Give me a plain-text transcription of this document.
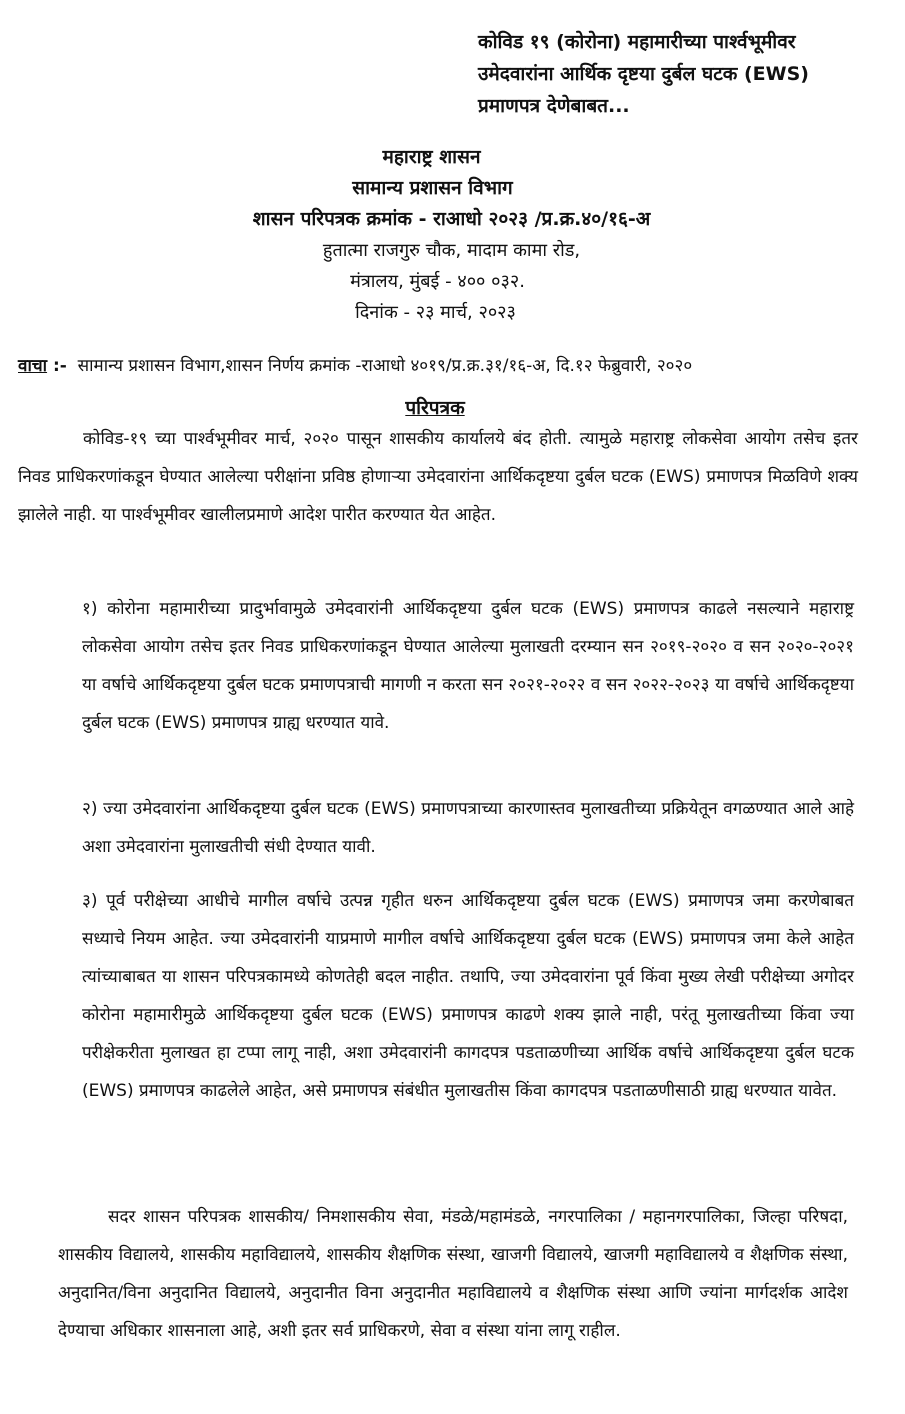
कोविड १९ (कोरोना) महामारीच्या पार्श्वभूमीवर
उमेदवारांना आर्थिक दृष्टया दुर्बल घटक (EWS)
प्रमाणपत्र देणेबाबत...
महाराष्ट्र शासन
सामान्य प्रशासन विभाग
शासन परिपत्रक क्रमांक - राआधो २०२३ /प्र.क्र.४०/१६-अ
हुतात्मा राजगुरु चौक, मादाम कामा रोड,
मंत्रालय, मुंबई - ४०० ०३२.
दिनांक - २३ मार्च, २०२३
वाचा :- सामान्य प्रशासन विभाग,शासन निर्णय क्रमांक -राआधो ४०१९/प्र.क्र.३१/१६-अ, दि.१२ फेब्रुवारी, २०२०
परिपत्रक
कोविड-१९ च्या पार्श्वभूमीवर मार्च, २०२० पासून शासकीय कार्यालये बंद होती. त्यामुळे महाराष्ट्र लोकसेवा आयोग तसेच इतर निवड प्राधिकरणांकडून घेण्यात आलेल्या परीक्षांना प्रविष्ठ होणाऱ्या उमेदवारांना आर्थिकदृष्टया दुर्बल घटक (EWS) प्रमाणपत्र मिळविणे शक्य झालेले नाही. या पार्श्वभूमीवर खालीलप्रमाणे आदेश पारीत करण्यात येत आहेत.
१) कोरोना महामारीच्या प्रादुर्भावामुळे उमेदवारांनी आर्थिकदृष्टया दुर्बल घटक (EWS) प्रमाणपत्र काढले नसल्याने महाराष्ट्र लोकसेवा आयोग तसेच इतर निवड प्राधिकरणांकडून घेण्यात आलेल्या मुलाखती दरम्यान सन २०१९-२०२० व सन २०२०-२०२१ या वर्षाचे आर्थिकदृष्टया दुर्बल घटक प्रमाणपत्राची मागणी न करता सन २०२१-२०२२ व सन २०२२-२०२३ या वर्षाचे आर्थिकदृष्टया दुर्बल घटक (EWS) प्रमाणपत्र ग्राह्य धरण्यात यावे.
२) ज्या उमेदवारांना आर्थिकदृष्टया दुर्बल घटक (EWS) प्रमाणपत्राच्या कारणास्तव मुलाखतीच्या प्रक्रियेतून वगळण्यात आले आहे अशा उमेदवारांना मुलाखतीची संधी देण्यात यावी.
३) पूर्व परीक्षेच्या आधीचे मागील वर्षाचे उत्पन्न गृहीत धरुन आर्थिकदृष्टया दुर्बल घटक (EWS) प्रमाणपत्र जमा करणेबाबत सध्याचे नियम आहेत. ज्या उमेदवारांनी याप्रमाणे मागील वर्षाचे आर्थिकदृष्टया दुर्बल घटक (EWS) प्रमाणपत्र जमा केले आहेत त्यांच्याबाबत या शासन परिपत्रकामध्ये कोणतेही बदल नाहीत. तथापि, ज्या उमेदवारांना पूर्व किंवा मुख्य लेखी परीक्षेच्या अगोदर कोरोना महामारीमुळे आर्थिकदृष्टया दुर्बल घटक (EWS) प्रमाणपत्र काढणे शक्य झाले नाही, परंतू मुलाखतीच्या किंवा ज्या परीक्षेकरीता मुलाखत हा टप्पा लागू नाही, अशा उमेदवारांनी कागदपत्र पडताळणीच्या आर्थिक वर्षाचे आर्थिकदृष्टया दुर्बल घटक (EWS) प्रमाणपत्र काढलेले आहेत, असे प्रमाणपत्र संबंधीत मुलाखतीस किंवा कागदपत्र पडताळणीसाठी ग्राह्य धरण्यात यावेत.
सदर शासन परिपत्रक शासकीय/ निमशासकीय सेवा, मंडळे/महामंडळे, नगरपालिका / महानगरपालिका, जिल्हा परिषदा, शासकीय विद्यालये, शासकीय महाविद्यालये, शासकीय शैक्षणिक संस्था, खाजगी विद्यालये, खाजगी महाविद्यालये व शैक्षणिक संस्था, अनुदानित/विना अनुदानित विद्यालये, अनुदानीत विना अनुदानीत महाविद्यालये व शैक्षणिक संस्था आणि ज्यांना मार्गदर्शक आदेश देण्याचा अधिकार शासनाला आहे, अशी इतर सर्व प्राधिकरणे, सेवा व संस्था यांना लागू राहील.
